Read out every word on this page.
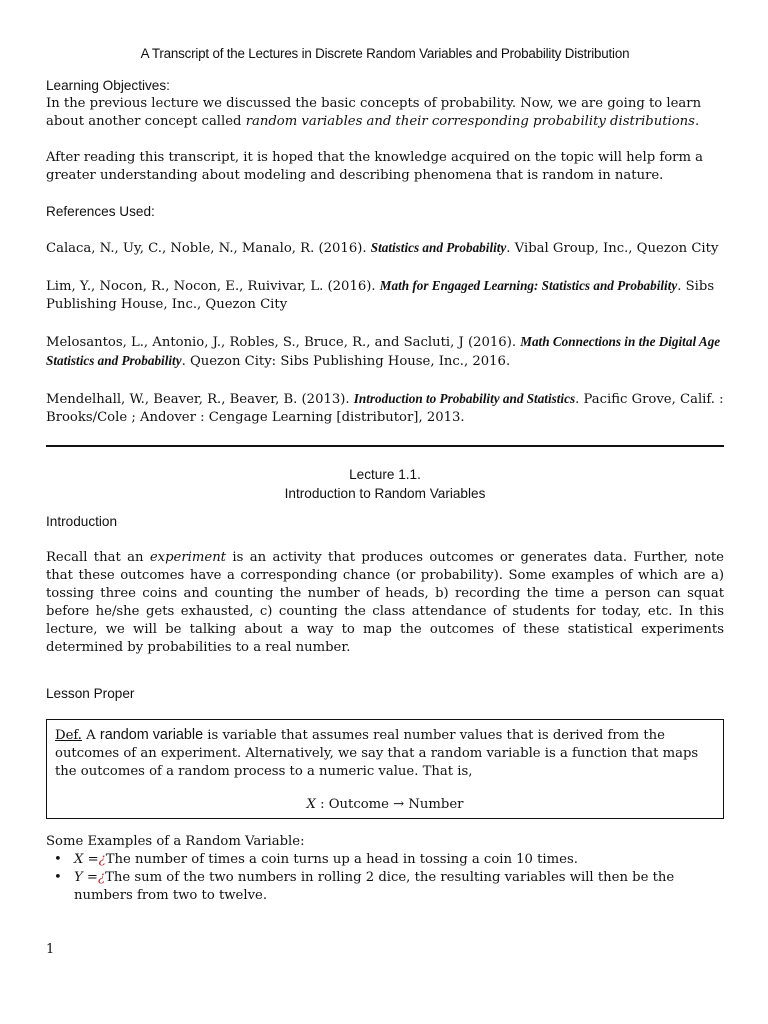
A Transcript of the Lectures in Discrete Random Variables and Probability Distribution
Learning Objectives:

In the previous lecture we discussed the basic concepts of probability. Now, we are going to learn about another concept called random variables and their corresponding probability distributions.

After reading this transcript, it is hoped that the knowledge acquired on the topic will help form a greater understanding about modeling and describing phenomena that is random in nature.

References Used:

Calaca, N., Uy, C., Noble, N., Manalo, R. (2016). Statistics and Probability. Vibal Group, Inc., Quezon City

Lim, Y., Nocon, R., Nocon, E., Ruivivar, L. (2016). Math for Engaged Learning: Statistics and Probability. Sibs Publishing House, Inc., Quezon City

Melosantos, L., Antonio, J., Robles, S., Bruce, R., and Sacluti, J (2016). Math Connections in the Digital Age Statistics and Probability. Quezon City: Sibs Publishing House, Inc., 2016.

Mendelhall, W., Beaver, R., Beaver, B. (2013). Introduction to Probability and Statistics. Pacific Grove, Calif. : Brooks/Cole ; Andover : Cengage Learning [distributor], 2013.

Lecture 1.1.
Introduction to Random Variables
Introduction

Recall that an experiment is an activity that produces outcomes or generates data. Further, note that these outcomes have a corresponding chance (or probability). Some examples of which are a) tossing three coins and counting the number of heads, b) recording the time a person can squat before he/she gets exhausted, c) counting the class attendance of students for today, etc. In this lecture, we will be talking about a way to map the outcomes of these statistical experiments determined by probabilities to a real number.

Lesson Proper

Def. A random variable is variable that assumes real number values that is derived from the outcomes of an experiment. Alternatively, we say that a random variable is a function that maps the outcomes of a random process to a numeric value. That is,

X : Outcome → Number

Some Examples of a Random Variable:

• X =¿The number of times a coin turns up a head in tossing a coin 10 times.
• Y =¿The sum of the two numbers in rolling 2 dice, the resulting variables will then be the numbers from two to twelve.
1
